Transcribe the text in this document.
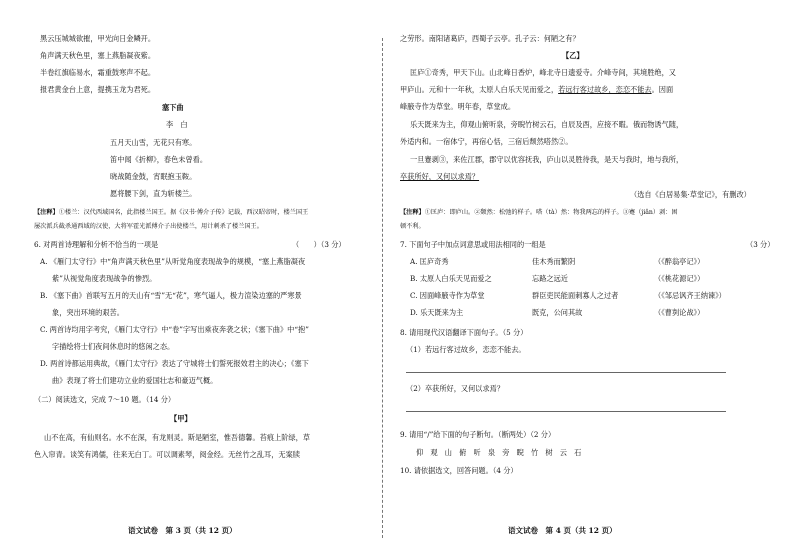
黑云压城城欲摧，甲光向日金鳞开。
角声满天秋色里，塞上燕脂凝夜紫。
半卷红旗临易水，霜重鼓寒声不起。
报君黄金台上意，提携玉龙为君死。
塞下曲
李　白
五月天山雪，无花只有寒。
笛中闻《折柳》，春色未曾看。
晓战随金鼓，宵眠抱玉鞍。
愿将腰下剑，直为斩楼兰。
【注释】①楼兰：汉代西域国名，此指楼兰国王。据《汉书·傅介子传》记载，西汉昭帝时，楼兰国王
屡次派兵截杀通西域的汉使，大将军霍光派傅介子出使楼兰，用计刺杀了楼兰国王。
6. 对两首诗理解和分析不恰当的一项是	（　　）（3 分）
A. 《雁门太守行》中“角声满天秋色里”从听觉角度表现战争的规模，“塞上燕脂凝夜
紫”从视觉角度表现战争的惨烈。
B. 《塞下曲》首联写五月的天山有“雪”无“花”，寒气逼人，极力渲染边塞的严寒景
象，突出环境的艰苦。
C. 两首诗均用字考究，《雁门太守行》中“卷”字写出乘夜奔袭之状；《塞下曲》中“抱”
字描绘将士们夜间休息时的悠闲之态。
D. 两首诗都运用典故，《雁门太守行》表达了守城将士们誓死报效君主的决心；《塞下
曲》表现了将士们建功立业的爱国壮志和豪迈气概。
（二）阅读选文，完成 7～10 题。（14 分）
【甲】
山不在高，有仙则名。水不在深，有龙则灵。斯是陋室，惟吾德馨。苔痕上阶绿，草
色入帘青。谈笑有鸿儒，往来无白丁。可以调素琴，阅金经。无丝竹之乱耳，无案牍
语文试卷　第 3 页（共 12 页）
之劳形。南阳诸葛庐，西蜀子云亭。孔子云：何陋之有？
【乙】
匡庐①奇秀，甲天下山。山北峰日香炉，峰北寺日遗爱寺。介峰寺间，其境胜绝，又
甲庐山。元和十一年秋，太原人白乐天见而爱之，若远行客过故乡，恋恋不能去。因面
峰腋寺作为草堂。明年春，草堂成。
乐天既来为主，仰观山俯听泉，旁睨竹树云石，自辰及酉，应接不暇。俄而物诱气随，
外适内和。一宿体宁，再宿心恬，三宿后颓然嗒然②。
一旦蹇剥③，来佐江郡，郡守以优容抚我，庐山以灵胜待我，是天与我时，地与我所，
卒获所好，又何以求焉？
（选自《白居易集·草堂记》，有删改）
【注释】①匡庐：即庐山。②颓然：松弛的样子。嗒（tà）然：物我两忘的样子。③蹇（jiǎn）剥：困
顿不利。
7. 下面句子中加点词意思或用法相同的一组是	（3 分）
A. 匡庐奇秀	佳木秀而繁阴	（《醉翁亭记》）
B. 太原人白乐天见而爱之	忘路之远近	（《桃花源记》）
C. 因面峰腋寺作为草堂	群臣吏民能面刺寡人之过者	（《邹忌讽齐王纳谏》）
D. 乐天既来为主	既克，公问其故	（《曹刿论战》）
8. 请用现代汉语翻译下面句子。（5 分）
（1）若远行客过故乡，恋恋不能去。
（2）卒获所好，又何以求焉？
9. 请用“/”给下面的句子断句。（断两处）（2 分）
仰　观　山　俯　听　泉　旁　睨　竹　树　云　石
10. 请依据选文，回答问题。（4 分）
语文试卷　第 4 页（共 12 页）
